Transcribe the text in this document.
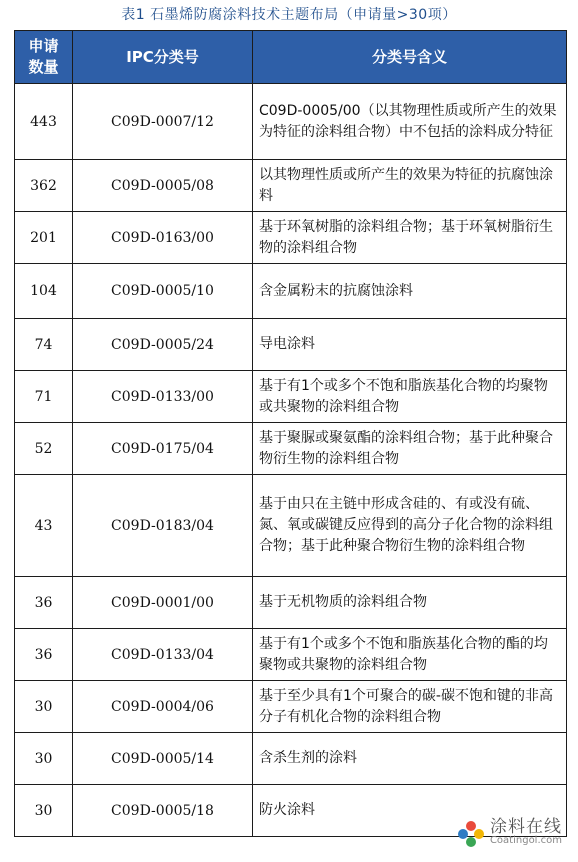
表1 石墨烯防腐涂料技术主题布局（申请量>30项）
申请数量	IPC分类号	分类号含义
443	C09D-0007/12	C09D-0005/00（以其物理性质或所产生的效果为特征的涂料组合物）中不包括的涂料成分特征
362	C09D-0005/08	以其物理性质或所产生的效果为特征的抗腐蚀涂料
201	C09D-0163/00	基于环氧树脂的涂料组合物；基于环氧树脂衍生物的涂料组合物
104	C09D-0005/10	含金属粉末的抗腐蚀涂料
74	C09D-0005/24	导电涂料
71	C09D-0133/00	基于有1个或多个不饱和脂族基化合物的均聚物或共聚物的涂料组合物
52	C09D-0175/04	基于聚脲或聚氨酯的涂料组合物；基于此种聚合物衍生物的涂料组合物
43	C09D-0183/04	基于由只在主链中形成含硅的、有或没有硫、氮、氧或碳键反应得到的高分子化合物的涂料组合物；基于此种聚合物衍生物的涂料组合物
36	C09D-0001/00	基于无机物质的涂料组合物
36	C09D-0133/04	基于有1个或多个不饱和脂族基化合物的酯的均聚物或共聚物的涂料组合物
30	C09D-0004/06	基于至少具有1个可聚合的碳-碳不饱和键的非高分子有机化合物的涂料组合物
30	C09D-0005/14	含杀生剂的涂料
30	C09D-0005/18	防火涂料
涂料在线
Coatingol.com
